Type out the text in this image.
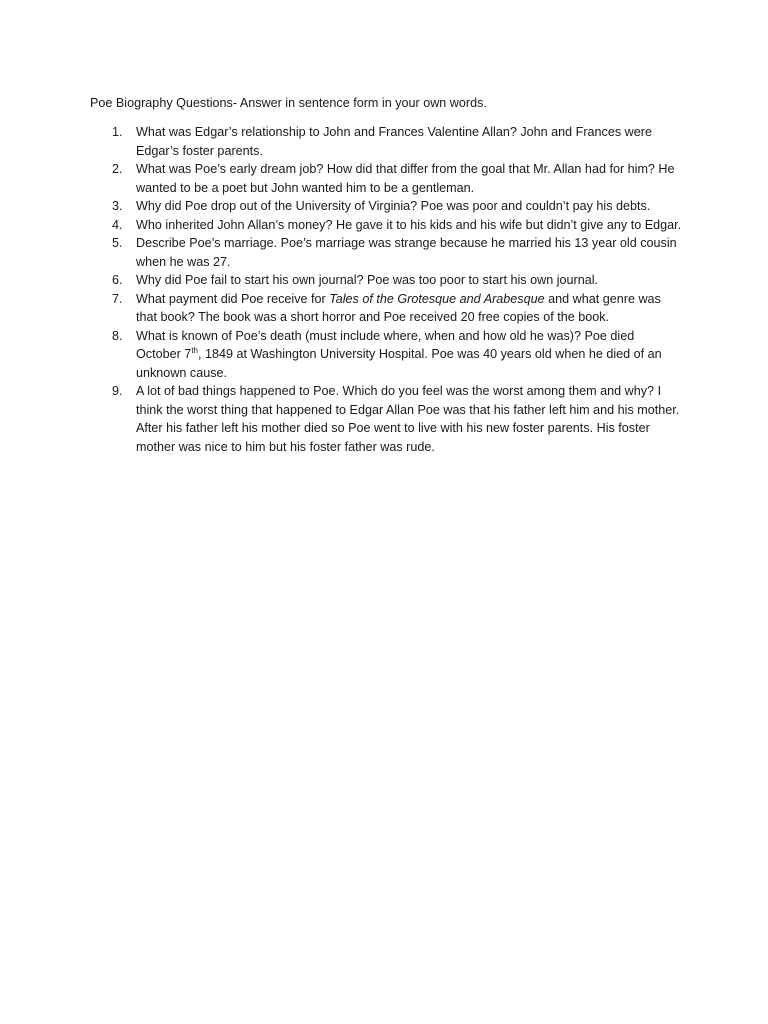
Poe Biography Questions- Answer in sentence form in your own words.
1. What was Edgar’s relationship to John and Frances Valentine Allan? John and Frances were Edgar’s foster parents.
2. What was Poe’s early dream job? How did that differ from the goal that Mr. Allan had for him? He wanted to be a poet but John wanted him to be a gentleman.
3. Why did Poe drop out of the University of Virginia? Poe was poor and couldn’t pay his debts.
4. Who inherited John Allan’s money? He gave it to his kids and his wife but didn’t give any to Edgar.
5. Describe Poe’s marriage. Poe’s marriage was strange because he married his 13 year old cousin when he was 27.
6. Why did Poe fail to start his own journal? Poe was too poor to start his own journal.
7. What payment did Poe receive for Tales of the Grotesque and Arabesque and what genre was that book? The book was a short horror and Poe received 20 free copies of the book.
8. What is known of Poe’s death (must include where, when and how old he was)? Poe died October 7th, 1849 at Washington University Hospital. Poe was 40 years old when he died of an unknown cause.
9. A lot of bad things happened to Poe. Which do you feel was the worst among them and why? I think the worst thing that happened to Edgar Allan Poe was that his father left him and his mother. After his father left his mother died so Poe went to live with his new foster parents. His foster mother was nice to him but his foster father was rude.
